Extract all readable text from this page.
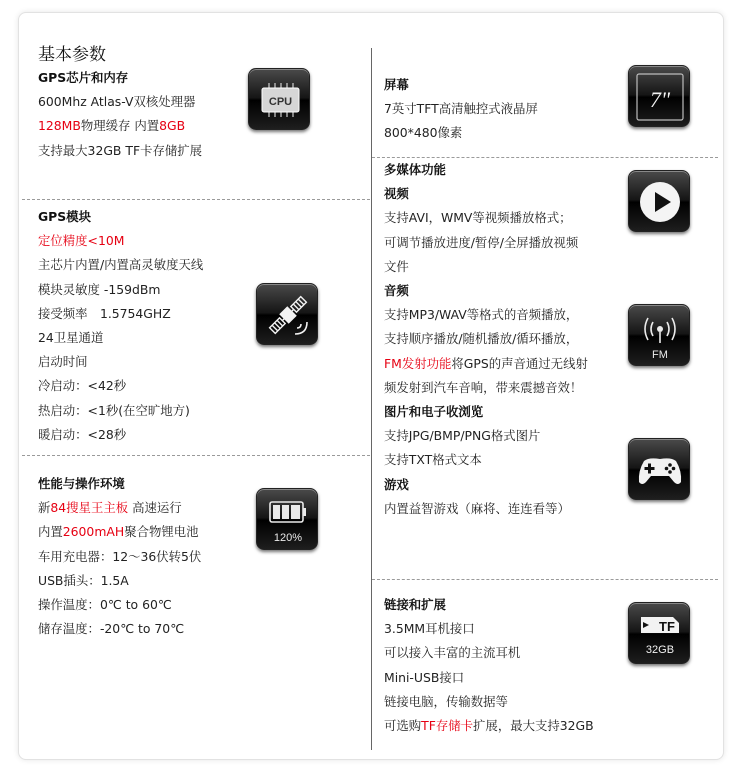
基本参数
GPS芯片和内存
600Mhz Atlas-V双核处理器
128MB物理缓存 内置8GB
支持最大32GB TF卡存储扩展
GPS模块
定位精度<10M
主芯片内置/内置高灵敏度天线
模块灵敏度 -159dBm
接受频率　1.5754GHZ
24卫星通道
启动时间
冷启动：<42秒
热启动：<1秒(在空旷地方)
暖启动：<28秒
性能与操作环境
新84搜星王主板 高速运行
内置2600mAH聚合物锂电池
车用充电器：12～36伏转5伏
USB插头：1.5A
操作温度：0℃ to 60℃
储存温度：-20℃ to 70℃
屏幕
7英寸TFT高清触控式液晶屏
800*480像素
多媒体功能
视频
支持AVI，WMV等视频播放格式；
可调节播放进度/暂停/全屏播放视频
文件
音频
支持MP3/WAV等格式的音频播放，
支持顺序播放/随机播放/循环播放，
FM发射功能将GPS的声音通过无线射
频发射到汽车音响，带来震撼音效！
图片和电子收浏览
支持JPG/BMP/PNG格式图片
支持TXT格式文本
游戏
内置益智游戏（麻将、连连看等）
链接和扩展
3.5MM耳机接口
可以接入丰富的主流耳机
Mini-USB接口
链接电脑，传输数据等
可选购TF存储卡扩展，最大支持32GB
CPU
120%
7"
FM
TF
32GB
